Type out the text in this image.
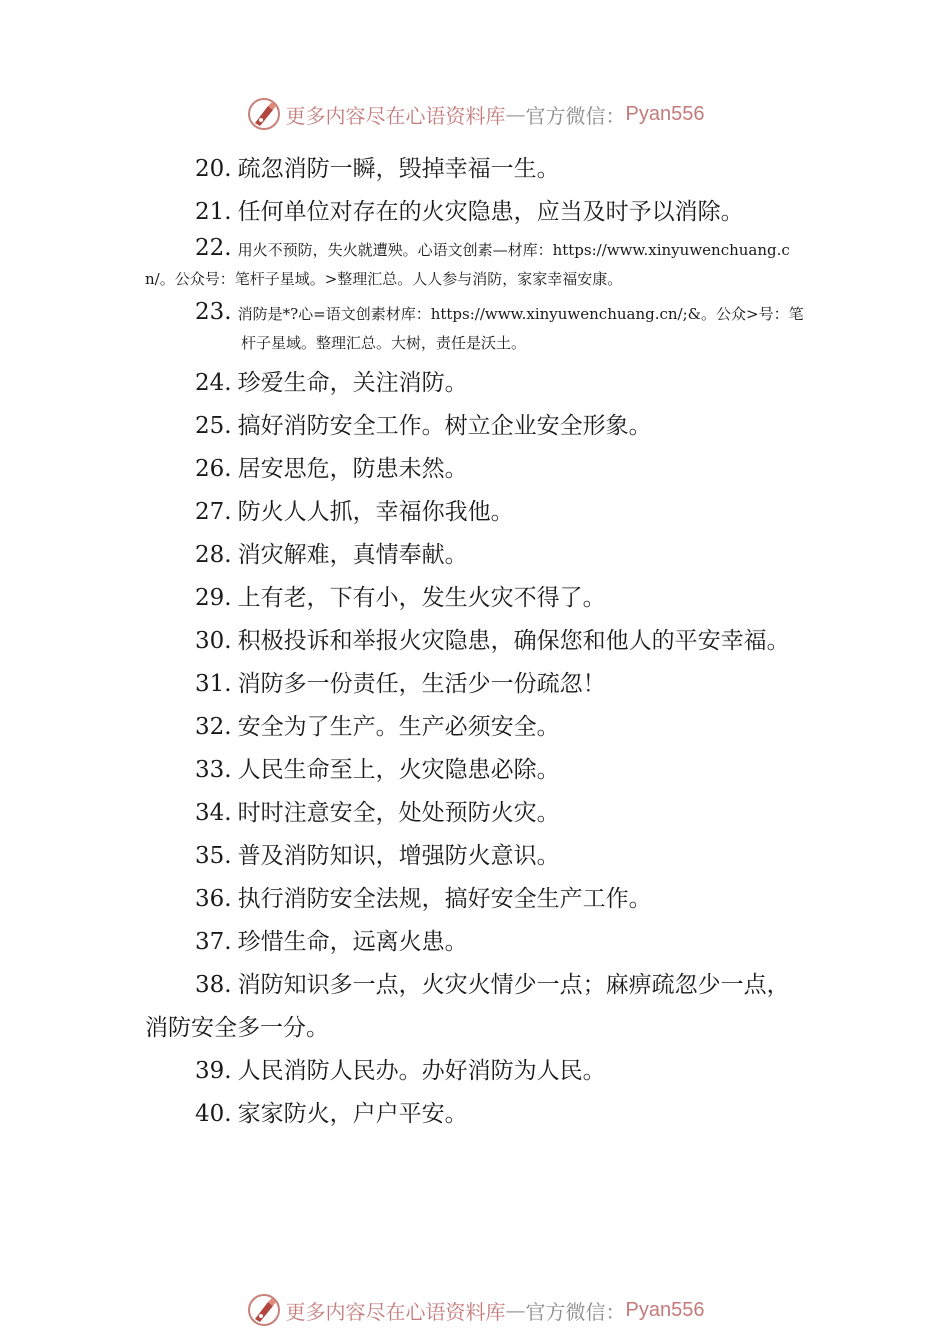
更多内容尽在心语资料库 — 官方微信： Pyan556

20. 疏忽消防一瞬，毁掉幸福一生。

21. 任何单位对存在的火灾隐患，应当及时予以消除。

22. 用火不预防，失火就遭殃。心语文创素—材库：https://www.xinyuwenchuang.cn/。公众号：笔杆子星域。>整理汇总。人人参与消防，家家幸福安康。

23. 消防是*?心=语文创素材库：https://www.xinyuwenchuang.cn/;&。公众>号：笔杆子星域。整理汇总。大树，责任是沃土。

24. 珍爱生命，关注消防。

25. 搞好消防安全工作。树立企业安全形象。

26. 居安思危，防患未然。

27. 防火人人抓，幸福你我他。

28. 消灾解难，真情奉献。

29. 上有老，下有小，发生火灾不得了。

30. 积极投诉和举报火灾隐患，确保您和他人的平安幸福。

31. 消防多一份责任，生活少一份疏忽！

32. 安全为了生产。生产必须安全。

33. 人民生命至上，火灾隐患必除。

34. 时时注意安全，处处预防火灾。

35. 普及消防知识，增强防火意识。

36. 执行消防安全法规，搞好安全生产工作。

37. 珍惜生命，远离火患。

38. 消防知识多一点，火灾火情少一点；麻痹疏忽少一点，消防安全多一分。

39. 人民消防人民办。办好消防为人民。

40. 家家防火，户户平安。

更多内容尽在心语资料库 — 官方微信： Pyan556
